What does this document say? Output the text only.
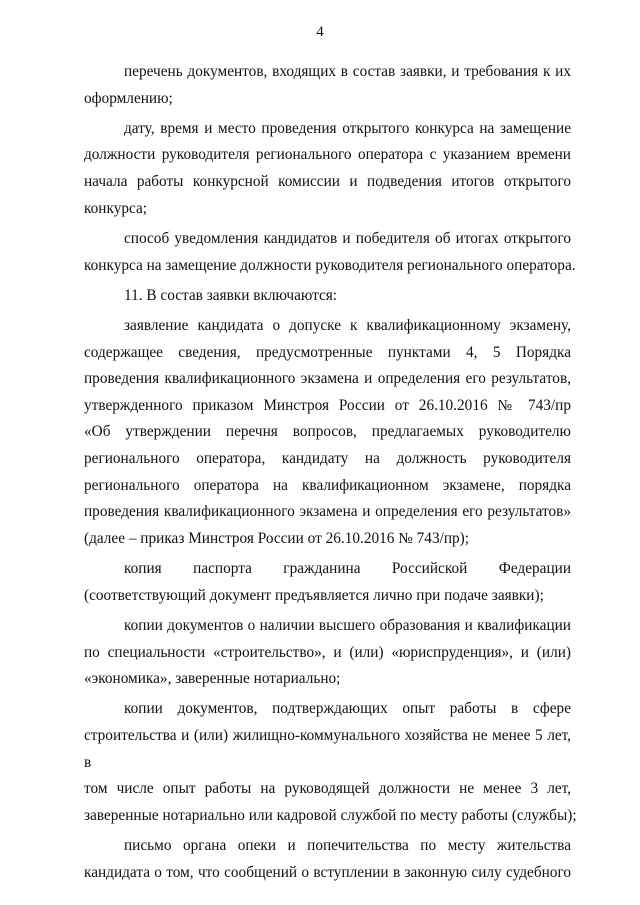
4
перечень документов, входящих в состав заявки, и требования к их
оформлению;
дату, время и место проведения открытого конкурса на замещение
должности руководителя регионального оператора с указанием времени
начала работы конкурсной комиссии и подведения итогов открытого
конкурса;
способ уведомления кандидатов и победителя об итогах открытого
конкурса на замещение должности руководителя регионального оператора.
11. В состав заявки включаются:
заявление кандидата о допуске к квалификационному экзамену,
содержащее сведения, предусмотренные пунктами 4, 5 Порядка
проведения квалификационного экзамена и определения его результатов,
утвержденного приказом Минстроя России от 26.10.2016 № 743/пр
«Об утверждении перечня вопросов, предлагаемых руководителю
регионального оператора, кандидату на должность руководителя
регионального оператора на квалификационном экзамене, порядка
проведения квалификационного экзамена и определения его результатов»
(далее – приказ Минстроя России от 26.10.2016 № 743/пр);
копия паспорта гражданина Российской Федерации
(соответствующий документ предъявляется лично при подаче заявки);
копии документов о наличии высшего образования и квалификации
по специальности «строительство», и (или) «юриспруденция», и (или)
«экономика», заверенные нотариально;
копии документов, подтверждающих опыт работы в сфере
строительства и (или) жилищно-коммунального хозяйства не менее 5 лет, в
том числе опыт работы на руководящей должности не менее 3 лет,
заверенные нотариально или кадровой службой по месту работы (службы);
письмо органа опеки и попечительства по месту жительства
кандидата о том, что сообщений о вступлении в законную силу судебного
